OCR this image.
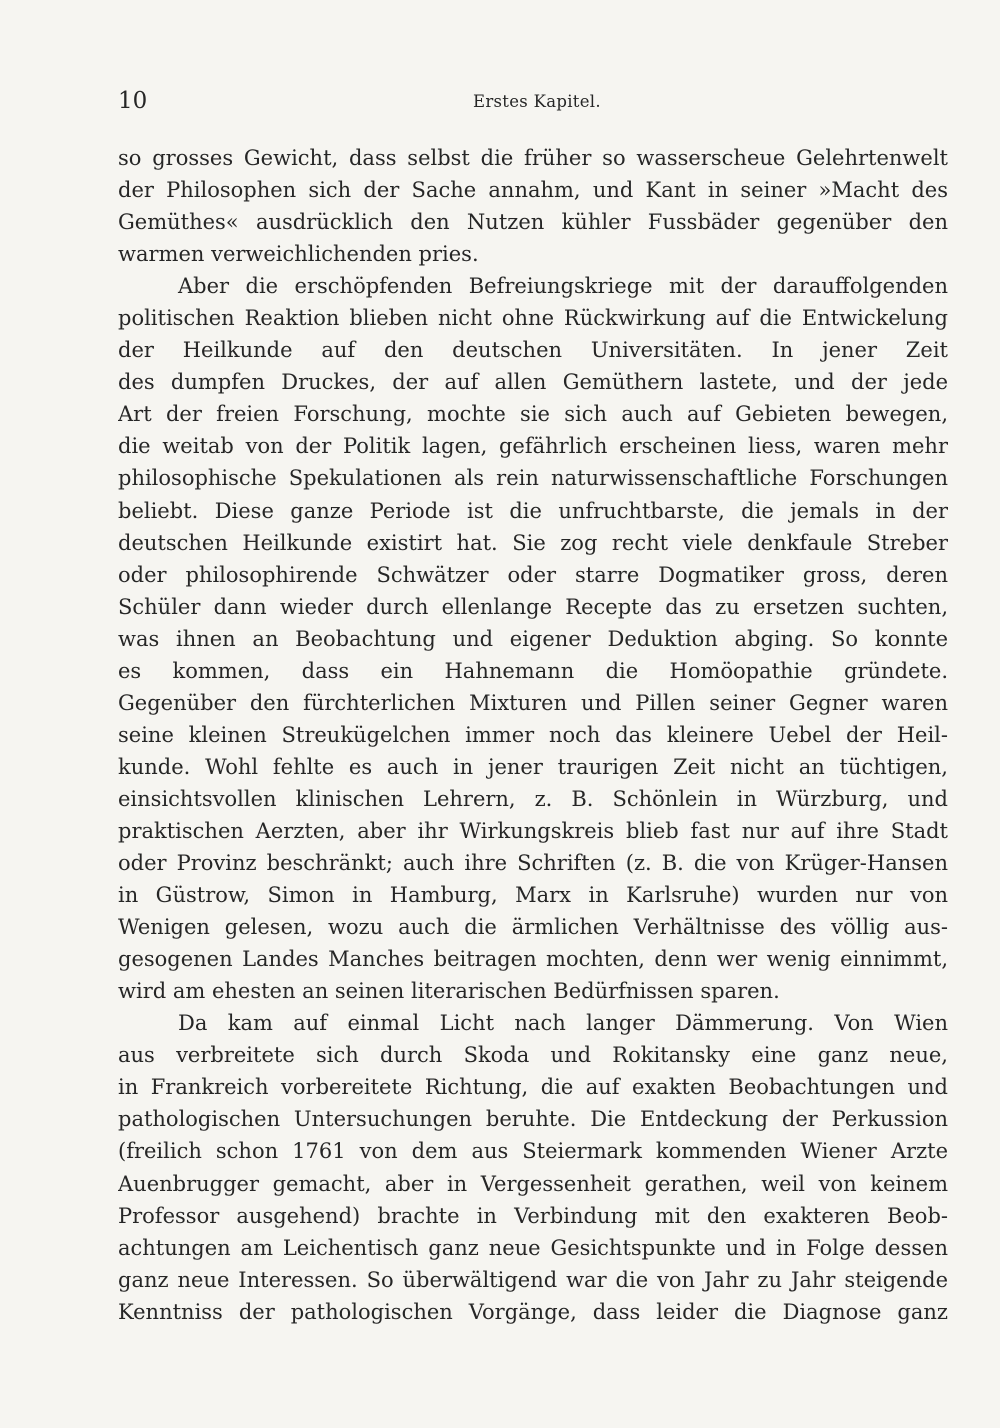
10	Erstes Kapitel.
so grosses Gewicht, dass selbst die früher so wasserscheue Gelehrtenwelt
der Philosophen sich der Sache annahm, und Kant in seiner »Macht des
Gemüthes« ausdrücklich den Nutzen kühler Fussbäder gegenüber den
warmen verweichlichenden pries.
Aber die erschöpfenden Befreiungskriege mit der darauffolgenden
politischen Reaktion blieben nicht ohne Rückwirkung auf die Entwickelung
der Heilkunde auf den deutschen Universitäten. In jener Zeit
des dumpfen Druckes, der auf allen Gemüthern lastete, und der jede
Art der freien Forschung, mochte sie sich auch auf Gebieten bewegen,
die weitab von der Politik lagen, gefährlich erscheinen liess, waren mehr
philosophische Spekulationen als rein naturwissenschaftliche Forschungen
beliebt. Diese ganze Periode ist die unfruchtbarste, die jemals in der
deutschen Heilkunde existirt hat. Sie zog recht viele denkfaule Streber
oder philosophirende Schwätzer oder starre Dogmatiker gross, deren
Schüler dann wieder durch ellenlange Recepte das zu ersetzen suchten,
was ihnen an Beobachtung und eigener Deduktion abging. So konnte
es kommen, dass ein Hahnemann die Homöopathie gründete.
Gegenüber den fürchterlichen Mixturen und Pillen seiner Gegner waren
seine kleinen Streukügelchen immer noch das kleinere Uebel der Heil-
kunde. Wohl fehlte es auch in jener traurigen Zeit nicht an tüchtigen,
einsichtsvollen klinischen Lehrern, z. B. Schönlein in Würzburg, und
praktischen Aerzten, aber ihr Wirkungskreis blieb fast nur auf ihre Stadt
oder Provinz beschränkt; auch ihre Schriften (z. B. die von Krüger-Hansen
in Güstrow, Simon in Hamburg, Marx in Karlsruhe) wurden nur von
Wenigen gelesen, wozu auch die ärmlichen Verhältnisse des völlig aus-
gesogenen Landes Manches beitragen mochten, denn wer wenig einnimmt,
wird am ehesten an seinen literarischen Bedürfnissen sparen.
Da kam auf einmal Licht nach langer Dämmerung. Von Wien
aus verbreitete sich durch Skoda und Rokitansky eine ganz neue,
in Frankreich vorbereitete Richtung, die auf exakten Beobachtungen und
pathologischen Untersuchungen beruhte. Die Entdeckung der Perkussion
(freilich schon 1761 von dem aus Steiermark kommenden Wiener Arzte
Auenbrugger gemacht, aber in Vergessenheit gerathen, weil von keinem
Professor ausgehend) brachte in Verbindung mit den exakteren Beob-
achtungen am Leichentisch ganz neue Gesichtspunkte und in Folge dessen
ganz neue Interessen. So überwältigend war die von Jahr zu Jahr steigende
Kenntniss der pathologischen Vorgänge, dass leider die Diagnose ganz
